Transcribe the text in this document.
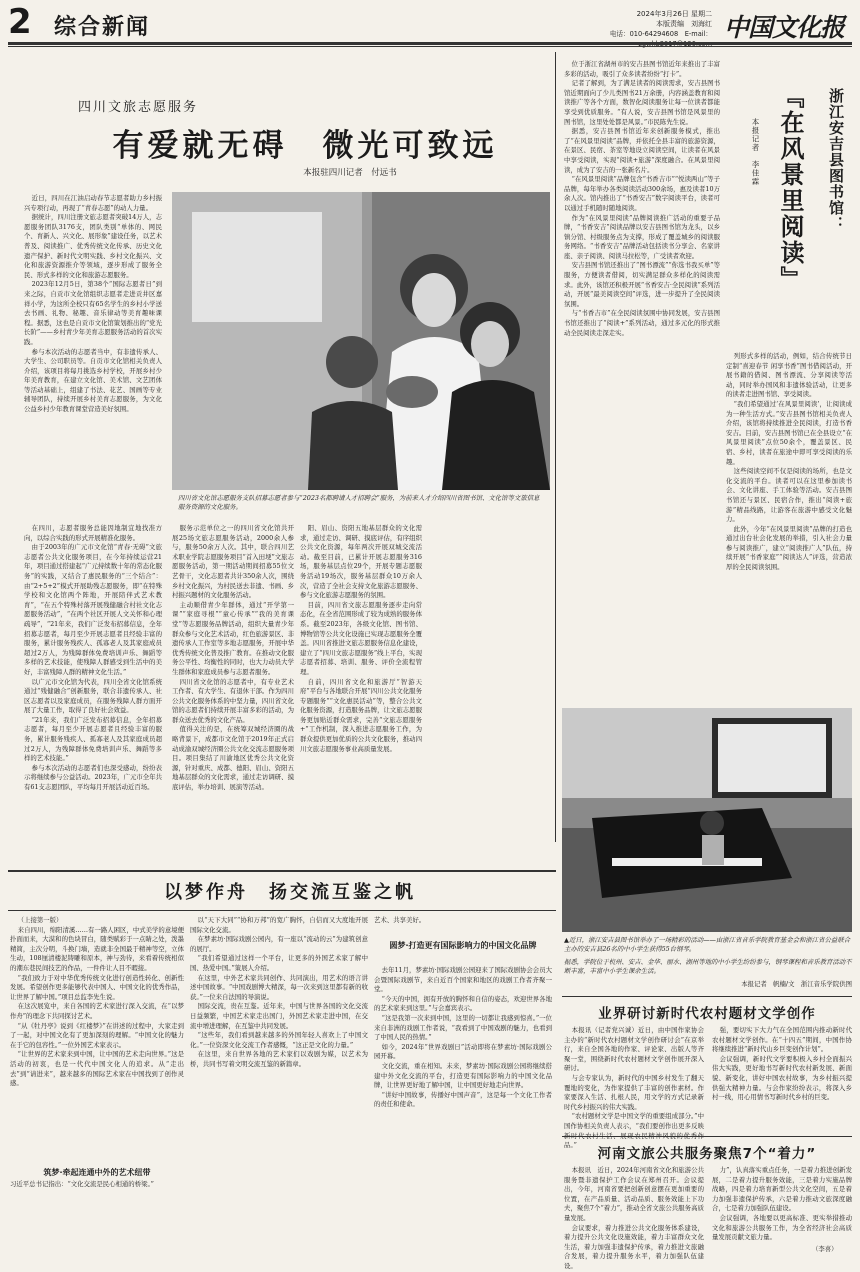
2 综合新闻
2024年3月26日 星期二
本版责编　刘海红
电话：010-64294608　E-mail： 中国文化报
四川文旅志愿服务
有爱就无碍　微光可致远
本报驻四川记者　付远书

近日，四川在江油启动春节志愿者助力乡村振兴专项行动，再现了“青春志愿”的动人力量。

据统计，四川注册文旅志愿者突破14万人，志愿服务团队3176支，团队类别“单体的、网民个、育新人、兴文化、展形象”建设任务，以艺术普及、阅读推广、优秀传统文化传承、历史文化遗产保护、新时代文明实践、乡村文化振兴、文化和旅游资源推介等领域，逐步形成了服务全民、形式多样的文化和旅游志愿服务。

2023年12月5日，第38个“国际志愿者日”到来之际，自贡市文化馆组织志愿者走进贡井区嘉祥小学，为这所全校只有65名学生的乡村小学送去书画、礼物、秘趣、音乐律动等美育趣味课程。据悉，这也是自贡市文化馆策划推出的“党光长阶”——乡村青少年美育志愿服务活动的首次实践。

参与本次活动的志愿者当中，有非遗传承人、大学生、公司职员等。自贡市文化馆相关负责人介绍，该项目将每月挑选乡村学校，开展乡村少年美育教育，在建立文化馆、美术馆、文艺团体等活动基础上，组建了书法、花艺、国画等专业辅导团队，持续开展乡村美育志愿服务，为文化公益乡村少年教育课堂营造美好氛围。

在四川，志愿者服务总能因地制宜地找准方向，以综合实践的形式开展精准化服务。

由于2003年的广元市文化馆“青春·无碍”文旅志愿者公共文化服务项目，在今年持续运营21年，项目通过搭建起“广元持续数十年的常态化服务”的实践，又结合了惠民服务的“三个结合”：由“2+5+2”模式开展助残志愿服务，即“在特殊学校和文化馆两个阵地，开展陪伴式艺术教育”，“在五个特殊村落开展残健融合村社文化志愿服务活动”，“在两个社区开展人文关怀和心理疏导”，“21年来，我们广泛发布招募信息，全年招募志愿者，每月至少开展志愿者且经验丰富的服务，累计服务残疾人、孤寡老人及其家庭成员超过2万人，为残障群体免费培训声乐、舞蹈等多样的艺术技能，使残障人群感受到生活中的美好，丰富残障人群的精神文化生活。”

以广元市文化馆为代表，四川全省文化馆系统通过“残健融合”创新服务，联合非遗传承人、社区志愿者以及家庭成员，在服务残障人群方面开展了大量工作，取得了良好社会效益。

“21年来，我们广泛发布招募信息，全年招募志愿者，每月至少开展志愿者且经验丰富的服务，累计服务残疾人、孤寡老人及其家庭成员超过2万人，为残障群体免费培训声乐、舞蹈等多样的艺术技能。”

参与本次活动的志愿者们也深受感动，纷纷表示将继续参与公益活动。2023年，广元市全年共有61支志愿团队，平均每月开展活动近百场。

四川省文化馆志愿服务支队招募志愿者参与“2023名都聘请人才招聘会”服务，为前来人才介绍四川省图书馆、文化馆等文旅信息服务资源的文化服务。

服务示范单位之一的四川省文化馆共开展25场文旅志愿服务活动，2000余人参与，服务50余万人次。其中，联合四川艺术职业学院志愿服务项目“首入田埂”文旅志愿服务活动，第一期活动期间招募55位文艺骨干，文化志愿者共计350余人次，围绕乡村文化振兴，为村民送去非遗、书画、乡村振兴题材的文化服务活动。

主动顺借青少年群体，通过“开学第一课”“家庭寻根”“童心传承”“我的美育课堂”等志愿服务品牌活动，组织大量青少年群众参与文化艺术活动，红色旅游景区、非遗传承人工作室等多地志愿服务，开展中华优秀传统文化普及推广教育。在推动文化服务公平性、均衡性的同时，也大力动员大学生群体和家庭成员参与志愿者服务。

四川省文化馆的志愿者中，有专业艺术工作者、有大学生、有退休干部。作为四川公共文化服务体系的中坚力量，四川省文化馆的志愿者们持续开展丰富多彩的活动，为群众送去优秀的文化产品。

值得关注的是，在统筹双城经济圈的战略背景下，成都市文化馆于2019年正式启动成渝双城经济圈公共文化交流志愿服务项目。项目集结了川渝地区优秀公共文化资源，针对重庆、成都、德阳、眉山、资阳五地基层群众的文化需求，通过走访调研、摸底评估，举办培训、展演等活动。

阳、眉山、资阳五地基层群众的文化需求，通过走访、调研、摸底评估，有序组织公共文化资源，每年两次开展双城交流活动。截至目前，已累计开展志愿服务316场，服务基层点位29个，开展专题志愿服务活动19场次，服务基层群众10万余人次，营造了全社会支持文化旅游志愿服务、参与文化旅游志愿服务的氛围。

目前，四川省文旅志愿服务逐步走向常态化，在全省范围形成了较为成熟的服务体系。截至2023年，各级文化馆、图书馆、博物馆等公共文化设施已实现志愿服务全覆盖。四川省推进文旅志愿服务信息化建设，建立了“四川文旅志愿服务”线上平台，实现志愿者招募、培训、服务、评价全流程管理。

自前，四川省文化和旅游厅“智游天府”平台与各地联合开展“四川公共文化服务专题服务”“文化惠民活动”等，整合公共文化服务资源，打造服务品牌，让文旅志愿服务更加贴近群众需求，完善“文旅志愿服务+”工作机制，深入推进志愿服务工作，为群众提供更加优质的公共文化服务，推动四川文旅志愿服务事业高质量发展。

位于浙江省湖州市的安吉县图书馆近年来推出了丰富多彩的活动，吸引了众多读者纷纷“打卡”。

记者了解到，为了满足读者的阅读需求，安吉县图书馆近期面向了少儿类图书21万余册，内容涵盖教育和阅读推广等各个方面，数智化阅读服务让每一位读者都能享受到优质服务。“有人说，安吉县图书馆是风景里的图书馆，这里处处都是风景。”市民陈先生说。

据悉，安吉县图书馆近年来创新服务模式，推出了“在风景里阅读”品牌，并依托全县丰富的旅游资源，在景区、民宿、茶室等地设立阅读空间，让读者在风景中享受阅读，实现“阅读+旅游”深度融合。在风景里阅读，成为了安吉的一张新名片。

“在风景里阅读”品牌包含“书香吉市”“悦读两山”等子品牌，每年举办各类阅读活动300余场，惠及读者10万余人次。馆内推出了“书香安吉”数字阅读平台，读者可以通过手机随时随地阅读。

作为“在风景里阅读”品牌阅读推广活动的重要子品牌，“书香安吉”阅读品牌以安吉县图书馆为龙头，以乡镇分馆、村级服务点为支撑，形成了覆盖城乡的阅读服务网络。“书香安吉”品牌活动包括读书分享会、名家讲座、亲子阅读、阅读马拉松等，广受读者欢迎。

安吉县图书馆还推出了“图书漂流”“你选书我买单”等服务，方便读者借阅，切实满足群众多样化的阅读需求。此外，该馆还积极开展“书香安吉·全民阅读”系列活动，开展“最美阅读空间”评选，进一步提升了全民阅读氛围。

与“书香吉市”在全民阅读氛围中协同发展，安吉县图书馆还推出了“阅读+”系列活动，通过多元化的形式推动全民阅读走深走实。

浙江安吉县图书馆：
『在风景里阅读』
本报记者　李佳霖

列形式多样的活动，例如，结合传统节日定制“喜迎春节 闲享书香”图书借阅活动，开展书籍的借阅、图书漂流、分享阅读等活动，同时举办国风和非遗体验活动，让更多的读者走进图书馆、享受阅读。

“我们希望通过‘在风景里阅读’，让阅读成为一种生活方式。”安吉县图书馆相关负责人介绍，该馆将持续推进全民阅读，打造书香安吉。目前，安吉县图书馆已在全县设立“在风景里阅读”点位50余个，覆盖景区、民宿、乡村，读者在旅途中即可享受阅读的乐趣。

这些阅读空间不仅是阅读的场所，也是文化交流的平台。读者可以在这里参加读书会、文化讲座、手工体验等活动。安吉县图书馆还与景区、民宿合作，推出“阅读+旅游”精品线路，让游客在旅游中感受文化魅力。

此外，今年“在风景里阅读”品牌的打造也通过出台社会化发展的举措，引入社会力量参与阅读推广，建立“阅读推广人”队伍，持续开展“书香家庭”“阅读达人”评选，营造浓厚的全民阅读氛围。

▲近日，浙江安吉县图书馆举办了一场精彩的活动——由浙江省音乐学院教育基金会和浙江省公益联合主办的安吉县26名的中小学生获得55台钢琴。
据悉，学院位于杭州、安吉、金华、丽水、湖州等地的中小学生纷纷参与，钢琴课程和音乐教育活动不断丰富，丰富中小学生课余生活。
本报记者　帆楠/文　浙江音乐学院供图
以梦作舟　扬交流互鉴之帆

（上接第一版）

来自四川，绵阳清溪……有一路人困区，中式美学的意境便扑面而来，大漠和的色块冒白，随类赋彩于一点睛之处，泼墨精简，主次分明，斗换门墙，造就非全国最于精神等空，立体生动，108厘清楼泥铸雕和原本，神与劲待，来看着传统相似的潮东巷民间技艺的作品，一件件让人目不暇接。

“我们致力于对中华优秀传统文化进行创造性转化、创新性发展。希望创作更多能够代表中国人、中国文化的优秀作品，让世界了解中国。”项目总监李先生说。

在这次展览中，来自各国的艺术家进行深入交流，在“以梦作舟”的理念下共同探讨艺术。

“从《牡丹亭》说到《红楼梦》”在讲述的过程中，大家走到了一起，对中国文化有了更加深刻的理解。“中国文化的魅力在于它的包容性。”一位外国艺术家表示。

“让世界的艺术家来到中国，让中国的艺术走向世界。”这是活动的初衷，也是一代代中国文化人的追求。从“走出去”到“请进来”，越来越多的国际艺术家在中国找到了创作灵感。

筑梦·牵起连通中外的艺术纽带
习近平总书记指出：“文化交流是民心相通的桥梁。”

以“天下大同”“协和万邦”的宽广胸怀，自信而又大度地开展国际文化交流。

在梦素坊·国际戏剧公园内，有一座以“流动的云”为建筑创意的展厅。

“我们希望通过这样一个平台，让更多的外国艺术家了解中国、热爱中国。”策展人介绍。

在这里，中外艺术家共同创作、共同演出，用艺术的语言讲述中国故事。“中国戏剧博大精深，每一次来到这里都有新的收获。”一位来自法国的导演说。

国际交流，贵在互鉴。近年来，中国与世界各国的文化交流日益频繁，中国艺术家走出国门，外国艺术家走进中国，在交流中增进理解，在互鉴中共同发展。

“这些年，我们看到越来越多的外国年轻人喜欢上了中国文化。”一位资深文化交流工作者感慨，“这正是文化的力量。”

在这里，来自世界各地的艺术家们以戏剧为媒，以艺术为桥，共同书写着文明交流互鉴的新篇章。

艺术、共享美好。
圆梦·打造更有国际影响力的中国文化品牌

去年11月，梦素坊·国际戏剧公园迎来了国际戏剧协会会员大会暨国际戏剧节，来自近百个国家和地区的戏剧工作者齐聚一堂。

“今天的中国，拥有开放的胸怀和自信的姿态，欢迎世界各地的艺术家来到这里。”与会嘉宾表示。

“这是我第一次来到中国，这里的一切都让我感到惊喜。”一位来自非洲的戏剧工作者说，“我看到了中国戏剧的魅力，也看到了中国人民的热情。”

如今，2024年“世界戏剧日”活动即将在梦素坊·国际戏剧公园开幕。

文化交流，重在相知。未来，梦素坊·国际戏剧公园将继续搭建中外文化交流的平台，打造更有国际影响力的中国文化品牌，让世界更好地了解中国，让中国更好地走向世界。

“讲好中国故事，传播好中国声音”，这是每一个文化工作者的责任和使命。

业界研讨新时代农村题材文学创作

本报讯（记者党兴诚）近日，由中国作家协会主办的“新时代农村题材文学创作研讨会”在京举行，来自全国各地的作家、评论家、出版人等齐聚一堂，围绕新时代农村题材文学创作展开深入研讨。

与会专家认为，新时代的中国乡村发生了翻天覆地的变化，为作家提供了丰富的创作素材。作家要深入生活、扎根人民，用文学的方式记录新时代乡村振兴的伟大实践。

“农村题材文学是中国文学的重要组成部分。”中国作协相关负责人表示，“我们要创作出更多反映 品。”

强，要切实下大力气在全国范围内推动新时代农村题材文学创作。在“十四五”期间，中国作协将继续推进“新时代山乡巨变创作计划”。

会议强调，新时代文学要积极入乡村全面振兴伟大实践，更好地书写新时代农村新发展、新面貌、新变化，讲好中国农村故事，为乡村振兴提供强大精神力量。与会作家纷纷表示，将深入乡村一线，用心用情书写新时代乡村的巨变。

河南文旅公共服务聚焦7个“着力”

本报讯　近日，2024年河南省文化和旅游公共服务暨非遗保护工作会议在郑州召开。会议提出，今年，河南省要把创新创意摆在更加重要的位置，在产品质量、活动品质、服务效能上下功夫，聚焦7个“着力”，推动全省文旅公共服务高质量发展。

会议要求，着力推进公共文化服务体系建设，着力提升公共文化设施效能，着力丰富群众文化生活，着力加强非遗保护传承，着力推进文旅融合发展，着力提升服务水平，着力加强队伍建设。

力”，认真落实重点任务，一是着力推进创新发展，二是着力提升服务效能，三是着力实施品牌战略，四是着力培育新型公共文化空间，五是着力加强非遗保护传承，六是着力推动文旅深度融合，七是着力加强队伍建设。

会议强调，各地要以更高标准、更实举措推动文化和旅游公共服务工作，为全省经济社会高质量发展贡献文旅力量。

（李喜）
